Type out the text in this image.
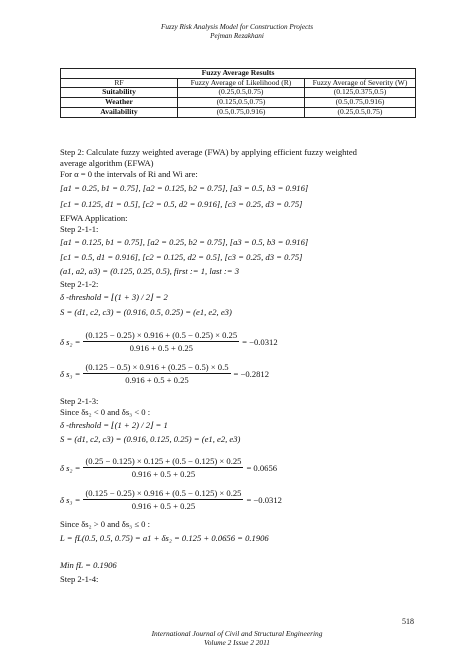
Fuzzy Risk Analysis Model for Construction Projects
Pejman Rezakhani
Fuzzy Average Results		
RF	Fuzzy Average of Likelihood (R)	Fuzzy Average of Severity (W)
Suitability	(0.25,0.5,0.75)	(0.125,0.375,0.5)
Weather	(0.125,0.5,0.75)	(0.5,0.75,0.916)
Availability	(0.5,0.75,0.916)	(0.25,0.5,0.75)
Step 2: Calculate fuzzy weighted average (FWA) by applying efficient fuzzy weighted
average algorithm (EFWA)
For α = 0 the intervals of Ri and Wi are:
[a1 = 0.25, b1 = 0.75], [a2 = 0.125, b2 = 0.75], [a3 = 0.5, b3 = 0.916]
[c1 = 0.125, d1 = 0.5], [c2 = 0.5, d2 = 0.916], [c3 = 0.25, d3 = 0.75]
EFWA Application:
Step 2-1-1:
[a1 = 0.125, b1 = 0.75], [a2 = 0.25, b2 = 0.75], [a3 = 0.5, b3 = 0.916]
[c1 = 0.5, d1 = 0.916], [c2 = 0.125, d2 = 0.5], [c3 = 0.25, d3 = 0.75]
(a1, a2, a3) = (0.125, 0.25, 0.5), first := 1, last := 3
Step 2-1-2:
δ -threshold = ⌊(1 + 3) / 2⌋ = 2
S = (d1, c2, c3) = (0.916, 0.5, 0.25) = (e1, e2, e3)
δ $s_2 = \frac{(0.125 - 0.25) \times 0.916 + (0.5 - 0.25) \times 0.25}{0.916 + 0.5 + 0.25} = -0.0312$
δ $s_3 = \frac{(0.125 - 0.5) \times 0.916 + (0.25 - 0.5) \times 0.5}{0.916 + 0.5 + 0.25} = -0.2812$
Step 2-1-3:
Since δs₂ < 0 and δs₃ < 0 :
δ -threshold = ⌊(1 + 2) / 2⌋ = 1
S = (d1, c2, c3) = (0.916, 0.125, 0.25) = (e1, e2, e3)
δ $s_2 = \frac{(0.25 - 0.125) \times 0.125 + (0.5 - 0.125) \times 0.25}{0.916 + 0.5 + 0.25} = 0.0656$
δ $s_3 = \frac{(0.125 - 0.25) \times 0.916 + (0.5 - 0.125) \times 0.25}{0.916 + 0.5 + 0.25} = -0.0312$
Since δs₂ > 0 and δs₃ ≤ 0 :
L = fL(0.5, 0.5, 0.75) = a1 + δs₂ = 0.125 + 0.0656 = 0.1906
Min fL = 0.1906
Step 2-1-4:
518
International Journal of Civil and Structural Engineering
Volume 2 Issue 2 2011
